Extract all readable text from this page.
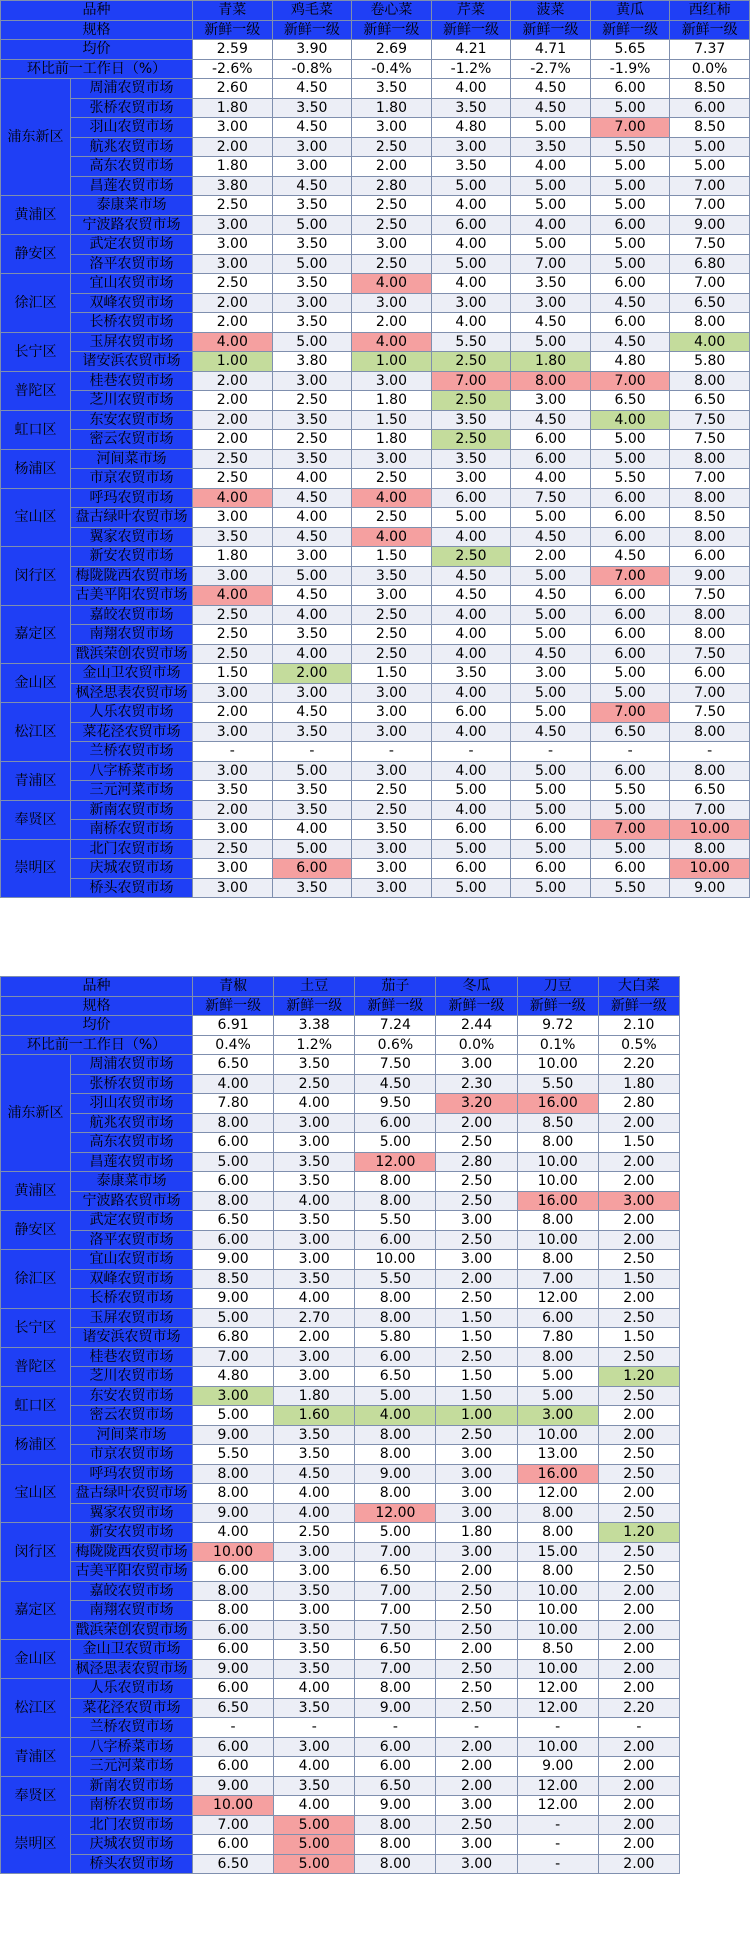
品种		青菜	鸡毛菜	卷心菜	芹菜	菠菜	黄瓜	西红柿
规格		新鲜一级	新鲜一级	新鲜一级	新鲜一级	新鲜一级	新鲜一级	新鲜一级
均价		2.59	3.90	2.69	4.21	4.71	5.65	7.37
环比前一工作日（%）		-2.6%	-0.8%	-0.4%	-1.2%	-2.7%	-1.9%	0.0%
浦东新区	周浦农贸市场	2.60	4.50	3.50	4.00	4.50	6.00	8.50
	张桥农贸市场	1.80	3.50	1.80	3.50	4.50	5.00	6.00
	羽山农贸市场	3.00	4.50	3.00	4.80	5.00	7.00	8.50
	航兆农贸市场	2.00	3.00	2.50	3.00	3.50	5.50	5.00
	高东农贸市场	1.80	3.00	2.00	3.50	4.00	5.00	5.00
	昌莲农贸市场	3.80	4.50	2.80	5.00	5.00	5.00	7.00
黄浦区	泰康菜市场	2.50	3.50	2.50	4.00	5.00	5.00	7.00
	宁波路农贸市场	3.00	5.00	2.50	6.00	4.00	6.00	9.00
静安区	武定农贸市场	3.00	3.50	3.00	4.00	5.00	5.00	7.50
	洛平农贸市场	3.00	5.00	2.50	5.00	7.00	5.00	6.80
徐汇区	宜山农贸市场	2.50	3.50	4.00	4.00	3.50	6.00	7.00
	双峰农贸市场	2.00	3.00	3.00	3.00	3.00	4.50	6.50
	长桥农贸市场	2.00	3.50	2.00	4.00	4.50	6.00	8.00
长宁区	玉屏农贸市场	4.00	5.00	4.00	5.50	5.00	4.50	4.00
	诸安浜农贸市场	1.00	3.80	1.00	2.50	1.80	4.80	5.80
普陀区	桂巷农贸市场	2.00	3.00	3.00	7.00	8.00	7.00	8.00
	芝川农贸市场	2.00	2.50	1.80	2.50	3.00	6.50	6.50
虹口区	东安农贸市场	2.00	3.50	1.50	3.50	4.50	4.00	7.50
	密云农贸市场	2.00	2.50	1.80	2.50	6.00	5.00	7.50
杨浦区	河间菜市场	2.50	3.50	3.00	3.50	6.00	5.00	8.00
	市京农贸市场	2.50	4.00	2.50	3.00	4.00	5.50	7.00
宝山区	呼玛农贸市场	4.00	4.50	4.00	6.00	7.50	6.00	8.00
	盘古绿叶农贸市场	3.00	4.00	2.50	5.00	5.00	6.00	8.50
	翼家农贸市场	3.50	4.50	4.00	4.00	4.50	6.00	8.00
闵行区	新安农贸市场	1.80	3.00	1.50	2.50	2.00	4.50	6.00
	梅陇陇西农贸市场	3.00	5.00	3.50	4.50	5.00	7.00	9.00
	古美平阳农贸市场	4.00	4.50	3.00	4.50	4.50	6.00	7.50
嘉定区	嘉皎农贸市场	2.50	4.00	2.50	4.00	5.00	6.00	8.00
	南翔农贸市场	2.50	3.50	2.50	4.00	5.00	6.00	8.00
	戬浜荣创农贸市场	2.50	4.00	2.50	4.00	4.50	6.00	7.50
金山区	金山卫农贸市场	1.50	2.00	1.50	3.50	3.00	5.00	6.00
	枫泾思表农贸市场	3.00	3.00	3.00	4.00	5.00	5.00	7.00
松江区	人乐农贸市场	2.00	4.50	3.00	6.00	5.00	7.00	7.50
	菜花泾农贸市场	3.00	3.50	3.00	4.00	4.50	6.50	8.00
	兰桥农贸市场	-	-	-	-	-	-	-
青浦区	八字桥菜市场	3.00	5.00	3.00	4.00	5.00	6.00	8.00
	三元河菜市场	3.50	3.50	2.50	5.00	5.00	5.50	6.50
奉贤区	新南农贸市场	2.00	3.50	2.50	4.00	5.00	5.00	7.00
	南桥农贸市场	3.00	4.00	3.50	6.00	6.00	7.00	10.00
崇明区	北门农贸市场	2.50	5.00	3.00	5.00	5.00	5.00	8.00
	庆城农贸市场	3.00	6.00	3.00	6.00	6.00	6.00	10.00
	桥头农贸市场	3.00	3.50	3.00	5.00	5.00	5.50	9.00
品种		青椒	土豆	茄子	冬瓜	刀豆	大白菜
规格		新鲜一级	新鲜一级	新鲜一级	新鲜一级	新鲜一级	新鲜一级
均价		6.91	3.38	7.24	2.44	9.72	2.10
环比前一工作日（%）		0.4%	1.2%	0.6%	0.0%	0.1%	0.5%
浦东新区	周浦农贸市场	6.50	3.50	7.50	3.00	10.00	2.20
	张桥农贸市场	4.00	2.50	4.50	2.30	5.50	1.80
	羽山农贸市场	7.80	4.00	9.50	3.20	16.00	2.80
	航兆农贸市场	8.00	3.00	6.00	2.00	8.50	2.00
	高东农贸市场	6.00	3.00	5.00	2.50	8.00	1.50
	昌莲农贸市场	5.00	3.50	12.00	2.80	10.00	2.00
黄浦区	泰康菜市场	6.00	3.50	8.00	2.50	10.00	2.00
	宁波路农贸市场	8.00	4.00	8.00	2.50	16.00	3.00
静安区	武定农贸市场	6.50	3.50	5.50	3.00	8.00	2.00
	洛平农贸市场	6.00	3.00	6.00	2.50	10.00	2.00
徐汇区	宜山农贸市场	9.00	3.00	10.00	3.00	8.00	2.50
	双峰农贸市场	8.50	3.50	5.50	2.00	7.00	1.50
	长桥农贸市场	9.00	4.00	8.00	2.50	12.00	2.00
长宁区	玉屏农贸市场	5.00	2.70	8.00	1.50	6.00	2.50
	诸安浜农贸市场	6.80	2.00	5.80	1.50	7.80	1.50
普陀区	桂巷农贸市场	7.00	3.00	6.00	2.50	8.00	2.50
	芝川农贸市场	4.80	3.00	6.50	1.50	5.00	1.20
虹口区	东安农贸市场	3.00	1.80	5.00	1.50	5.00	2.50
	密云农贸市场	5.00	1.60	4.00	1.00	3.00	2.00
杨浦区	河间菜市场	9.00	3.50	8.00	2.50	10.00	2.00
	市京农贸市场	5.50	3.50	8.00	3.00	13.00	2.50
宝山区	呼玛农贸市场	8.00	4.50	9.00	3.00	16.00	2.50
	盘古绿叶农贸市场	8.00	4.00	8.00	3.00	12.00	2.00
	翼家农贸市场	9.00	4.00	12.00	3.00	8.00	2.50
闵行区	新安农贸市场	4.00	2.50	5.00	1.80	8.00	1.20
	梅陇陇西农贸市场	10.00	3.00	7.00	3.00	15.00	2.50
	古美平阳农贸市场	6.00	3.00	6.50	2.00	8.00	2.50
嘉定区	嘉皎农贸市场	8.00	3.50	7.00	2.50	10.00	2.00
	南翔农贸市场	8.00	3.00	7.00	2.50	10.00	2.00
	戬浜荣创农贸市场	6.00	3.50	7.50	2.50	10.00	2.00
金山区	金山卫农贸市场	6.00	3.50	6.50	2.00	8.50	2.00
	枫泾思表农贸市场	9.00	3.50	7.00	2.50	10.00	2.00
松江区	人乐农贸市场	6.00	4.00	8.00	2.50	12.00	2.00
	菜花泾农贸市场	6.50	3.50	9.00	2.50	12.00	2.20
	兰桥农贸市场	-	-	-	-	-	-
青浦区	八字桥菜市场	6.00	3.00	6.00	2.00	10.00	2.00
	三元河菜市场	6.00	4.00	6.00	2.00	9.00	2.00
奉贤区	新南农贸市场	9.00	3.50	6.50	2.00	12.00	2.00
	南桥农贸市场	10.00	4.00	9.00	3.00	12.00	2.00
崇明区	北门农贸市场	7.00	5.00	8.00	2.50	-	2.00
	庆城农贸市场	6.00	5.00	8.00	3.00	-	2.00
	桥头农贸市场	6.50	5.00	8.00	3.00	-	2.00
